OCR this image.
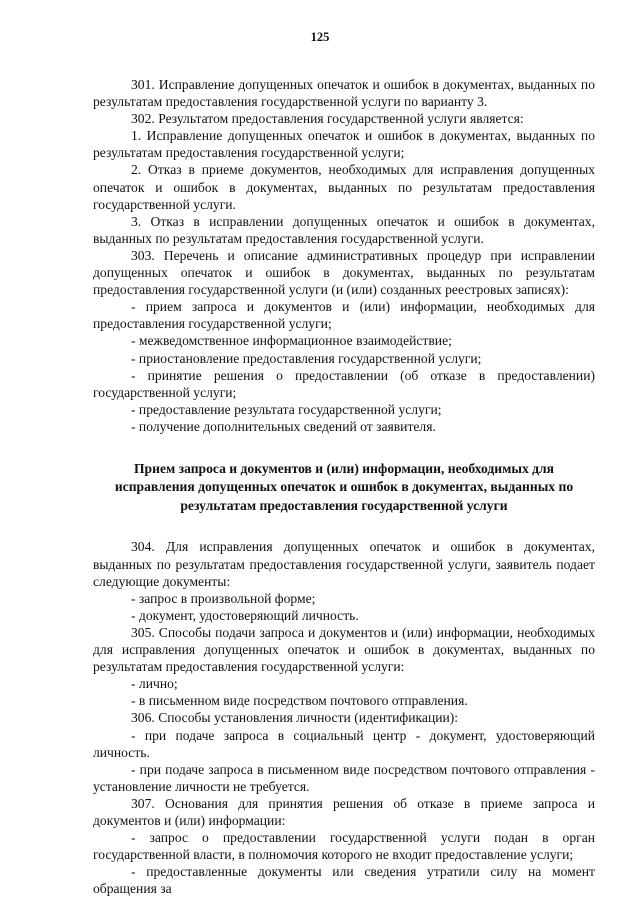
125

301. Исправление допущенных опечаток и ошибок в документах, выданных по результатам предоставления государственной услуги по варианту 3.

302. Результатом предоставления государственной услуги является:

1. Исправление допущенных опечаток и ошибок в документах, выданных по результатам предоставления государственной услуги;

2. Отказ в приеме документов, необходимых для исправления допущенных опечаток и ошибок в документах, выданных по результатам предоставления государственной услуги.

3. Отказ в исправлении допущенных опечаток и ошибок в документах, выданных по результатам предоставления государственной услуги.

303. Перечень и описание административных процедур при исправлении допущенных опечаток и ошибок в документах, выданных по результатам предоставления государственной услуги (и (или) созданных реестровых записях):

- прием запроса и документов и (или) информации, необходимых для предоставления государственной услуги;

- межведомственное информационное взаимодействие;

- приостановление предоставления государственной услуги;

- принятие решения о предоставлении (об отказе в предоставлении) государственной услуги;

- предоставление результата государственной услуги;

- получение дополнительных сведений от заявителя.

Прием запроса и документов и (или) информации, необходимых для исправления допущенных опечаток и ошибок в документах, выданных по результатам предоставления государственной услуги

304. Для исправления допущенных опечаток и ошибок в документах, выданных по результатам предоставления государственной услуги, заявитель подает следующие документы:

- запрос в произвольной форме;

- документ, удостоверяющий личность.

305. Способы подачи запроса и документов и (или) информации, необходимых для исправления допущенных опечаток и ошибок в документах, выданных по результатам предоставления государственной услуги:

- лично;

- в письменном виде посредством почтового отправления.

306. Способы установления личности (идентификации):

- при подаче запроса в социальный центр - документ, удостоверяющий личность.

- при подаче запроса в письменном виде посредством почтового отправления - установление личности не требуется.

307. Основания для принятия решения об отказе в приеме запроса и документов и (или) информации:

- запрос о предоставлении государственной услуги подан в орган государственной власти, в полномочия которого не входит предоставление услуги;

- предоставленные документы или сведения утратили силу на момент обращения за
